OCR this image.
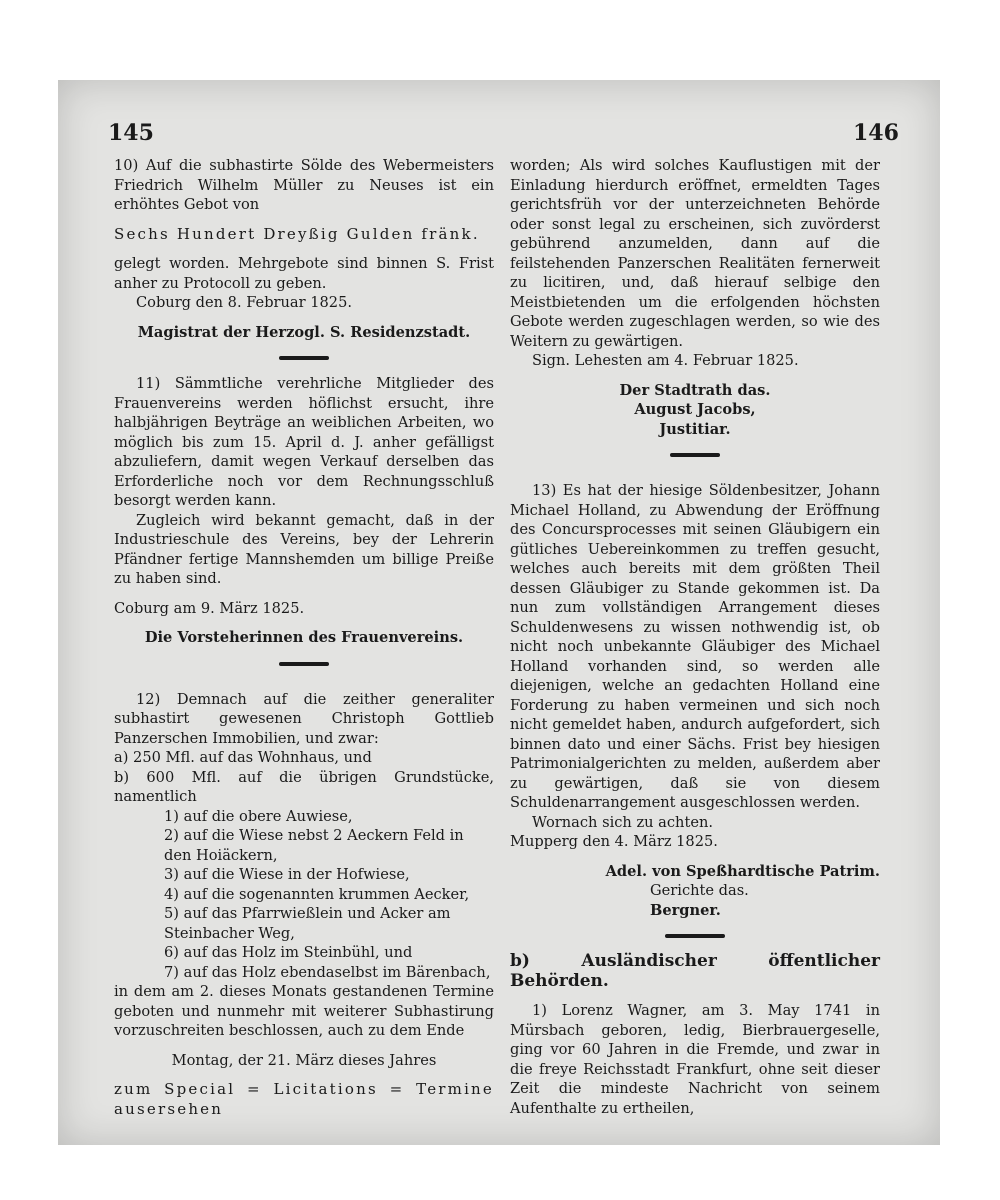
145	146

10) Auf die subhastirte Sölde des Webermeisters Friedrich Wilhelm Müller zu Neuses ist ein erhöhtes Gebot von

Sechs Hundert Dreyßig Gulden fränk.

gelegt worden. Mehrgebote sind binnen S. Frist anher zu Protocoll zu geben.

Coburg den 8. Februar 1825.

Magistrat der Herzogl. S. Residenzstadt.

11) Sämmtliche verehrliche Mitglieder des Frauenvereins werden höflichst ersucht, ihre halbjährigen Beyträge an weiblichen Arbeiten, wo möglich bis zum 15. April d. J. anher gefälligst abzuliefern, damit wegen Verkauf derselben das Erforderliche noch vor dem Rechnungsschluß besorgt werden kann.

Zugleich wird bekannt gemacht, daß in der Industrieschule des Vereins, bey der Lehrerin Pfändner fertige Mannshemden um billige Preiße zu haben sind.

Coburg am 9. März 1825.

Die Vorsteherinnen des Frauenvereins.

12) Demnach auf die zeither generaliter subhastirt gewesenen Christoph Gottlieb Panzerschen Immobilien, und zwar:

a) 250 Mfl. auf das Wohnhaus, und

b) 600 Mfl. auf die übrigen Grundstücke, namentlich

1) auf die obere Auwiese,
2) auf die Wiese nebst 2 Aeckern Feld in den Hoiäckern,
3) auf die Wiese in der Hofwiese,
4) auf die sogenannten krummen Aecker,
5) auf das Pfarrwießlein und Acker am Steinbacher Weg,
6) auf das Holz im Steinbühl, und
7) auf das Holz ebendaselbst im Bärenbach,

in dem am 2. dieses Monats gestandenen Termine geboten und nunmehr mit weiterer Subhastirung vorzuschreiten beschlossen, auch zu dem Ende

Montag, der 21. März dieses Jahres

zum Special = Licitations = Termine ausersehen

worden; Als wird solches Kauflustigen mit der Einladung hierdurch eröffnet, ermeldten Tages gerichtsfrüh vor der unterzeichneten Behörde oder sonst legal zu erscheinen, sich zuvörderst gebührend anzumelden, dann auf die feilstehenden Panzerschen Realitäten fernerweit zu licitiren, und, daß hierauf selbige den Meistbietenden um die erfolgenden höchsten Gebote werden zugeschlagen werden, so wie des Weitern zu gewärtigen.

Sign. Lehesten am 4. Februar 1825.

Der Stadtrath das.

August Jacobs,

Justitiar.

13) Es hat der hiesige Söldenbesitzer, Johann Michael Holland, zu Abwendung der Eröffnung des Concursprocesses mit seinen Gläubigern ein gütliches Uebereinkommen zu treffen gesucht, welches auch bereits mit dem größten Theil dessen Gläubiger zu Stande gekommen ist. Da nun zum vollständigen Arrangement dieses Schuldenwesens zu wissen nothwendig ist, ob nicht noch unbekannte Gläubiger des Michael Holland vorhanden sind, so werden alle diejenigen, welche an gedachten Holland eine Forderung zu haben vermeinen und sich noch nicht gemeldet haben, andurch aufgefordert, sich binnen dato und einer Sächs. Frist bey hiesigen Patrimonialgerichten zu melden, außerdem aber zu gewärtigen, daß sie von diesem Schuldenarrangement ausgeschlossen werden.

Wornach sich zu achten.

Mupperg den 4. März 1825.

Adel. von Speßhardtische Patrim.

Gerichte das.

Bergner.

b) Ausländischer öffentlicher Behörden.

1) Lorenz Wagner, am 3. May 1741 in Mürsbach geboren, ledig, Bierbrauergeselle, ging vor 60 Jahren in die Fremde, und zwar in die freye Reichsstadt Frankfurt, ohne seit dieser Zeit die mindeste Nachricht von seinem Aufenthalte zu ertheilen,
